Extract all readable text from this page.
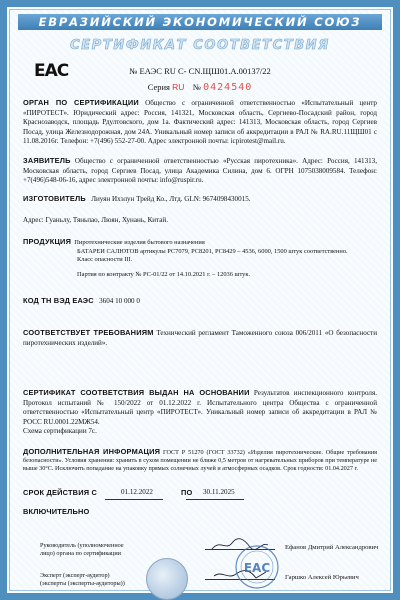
ЕВРАЗИЙСКИЙ ЭКОНОМИЧЕСКИЙ СОЮЗ
СЕРТИФИКАТ СООТВЕТСТВИЯ
EAC	№ ЕАЭС RU С- CN.ЩШ01.А.00137/22
Серия RU № 0424540
ОРГАН ПО СЕРТИФИКАЦИИ Общество с ограниченной ответственностью «Испытательный центр «ПИРОТЕСТ». Юридический адрес: Россия, 141321, Московская область, Сергиево-Посадский район, город Краснозаводск, площадь Рдултовского, дом 1а. Фактический адрес: 141313, Московская область, город Сергиев Посад, улица Железнодорожная, дом 24А. Уникальный номер записи об аккредитации в РАЛ № RA.RU.11ЩШ01 с 11.08.2016г. Телефон: +7(496) 552-27-00. Адрес электронной почты: icpirotest@mail.ru.
ЗАЯВИТЕЛЬ Общество с ограниченной ответственностью «Русская пиротехника». Адрес: Россия, 141313, Московская область, город Сергиев Посад, улица Академика Силина, дом 6. ОГРН 1075038009584. Телефон: +7(496)548-06-16, адрес электронной почты: info@ruspir.ru.
ИЗГОТОВИТЕЛЬ Лиуян Ихэлун Трейд Ко., Лтд. GLN: 9674098430015.
Адрес: Гуаньлу, Тяньпао, Люян, Хунань, Китай.
ПРОДУКЦИЯ Пиротехнические изделия бытового назначения
БАТАРЕИ САЛЮТОВ артикулы РС7079, РС8201, РС8429 – 4536, 6000, 1500 штук соответственно.
Класс опасности III.
Партия по контракту № РС-01/22 от 14.10.2021 г. – 12036 штук.
КОД ТН ВЭД ЕАЭС 3604 10 000 0
СООТВЕТСТВУЕТ ТРЕБОВАНИЯМ Технический регламент Таможенного союза 006/2011 «О безопасности пиротехнических изделий».
СЕРТИФИКАТ СООТВЕТСТВИЯ ВЫДАН НА ОСНОВАНИИ Результатов инспекционного контроля. Протокол испытаний № 150/2022 от 01.12.2022 г. Испытательного центра Общества с ограниченной ответственностью «Испытательный центр «ПИРОТЕСТ». Уникальный номер записи об аккредитации в РАЛ № РОСС RU.0001.22МЖ54.
Схема сертификации 7с.
ДОПОЛНИТЕЛЬНАЯ ИНФОРМАЦИЯ ГОСТ Р 51270 (ГОСТ 33732) «Изделия пиротехнические. Общие требования безопасности». Условия хранения: хранить в сухом помещении не ближе 0,5 метров от нагревательных приборов при температуре не выше 30°С. Исключить попадание на упаковку прямых солнечных лучей и атмосферных осадков. Срок годности: 01.04.2027 г.
СРОК ДЕЙСТВИЯ С	01.12.2022	ПО 30.11.2025
ВКЛЮЧИТЕЛЬНО
Руководитель (уполномоченное
лицо) органа по сертификации
Ефанов Дмитрий Александрович
Эксперт (эксперт-аудитор)
(эксперты (эксперты-аудиторы))
Гаршко Алексей Юрьевич
ЕАС
